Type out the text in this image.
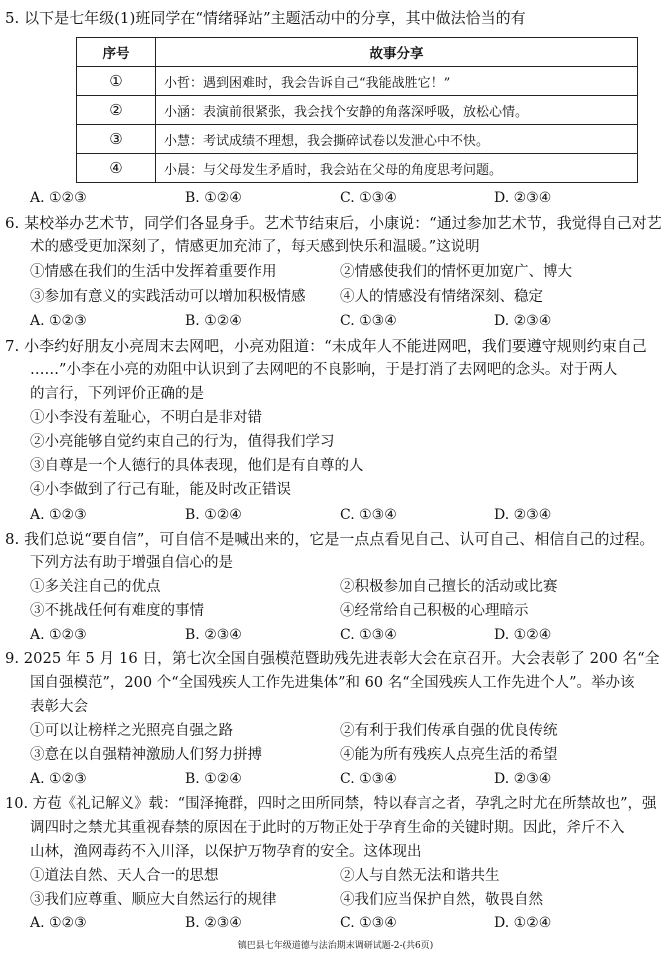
5. 以下是七年级(1)班同学在“情绪驿站”主题活动中的分享，其中做法恰当的有
序号	故事分享
①	小哲：遇到困难时，我会告诉自己“我能战胜它！”
②	小涵：表演前很紧张，我会找个安静的角落深呼吸，放松心情。
③	小慧：考试成绩不理想，我会撕碎试卷以发泄心中不快。
④	小晨：与父母发生矛盾时，我会站在父母的角度思考问题。
A. ①②③	B. ①②④	C. ①③④	D. ②③④
6. 某校举办艺术节，同学们各显身手。艺术节结束后，小康说：“通过参加艺术节，我觉得自己对艺
术的感受更加深刻了，情感更加充沛了，每天感到快乐和温暖。”这说明
①情感在我们的生活中发挥着重要作用	②情感使我们的情怀更加宽广、博大
③参加有意义的实践活动可以增加积极情感 ④人的情感没有情绪深刻、稳定
A. ①②③	B. ①②④	C. ①③④	D. ②③④
7. 小李约好朋友小亮周末去网吧，小亮劝阻道：“未成年人不能进网吧，我们要遵守规则约束自己
……”小李在小亮的劝阻中认识到了去网吧的不良影响，于是打消了去网吧的念头。对于两人
的言行，下列评价正确的是
①小李没有羞耻心，不明白是非对错
②小亮能够自觉约束自己的行为，值得我们学习
③自尊是一个人德行的具体表现，他们是有自尊的人
④小李做到了行己有耻，能及时改正错误
A. ①②③	B. ①②④	C. ①③④	D. ②③④
8. 我们总说“要自信”，可自信不是喊出来的，它是一点点看见自己、认可自己、相信自己的过程。
下列方法有助于增强自信心的是
①多关注自己的优点	②积极参加自己擅长的活动或比赛
③不挑战任何有难度的事情	④经常给自己积极的心理暗示
A. ①②③	B. ②③④	C. ①③④	D. ①②④
9. 2025 年 5 月 16 日，第七次全国自强模范暨助残先进表彰大会在京召开。大会表彰了 200 名“全
国自强模范”，200 个“全国残疾人工作先进集体”和 60 名“全国残疾人工作先进个人”。举办该
表彰大会
①可以让榜样之光照亮自强之路	②有利于我们传承自强的优良传统
③意在以自强精神激励人们努力拼搏	④能为所有残疾人点亮生活的希望
A. ①②③	B. ①②④	C. ①③④	D. ②③④
10. 方苞《礼记解义》载：“围泽掩群，四时之田所同禁，特以春言之者，孕乳之时尤在所禁故也”，强
调四时之禁尤其重视春禁的原因在于此时的万物正处于孕育生命的关键时期。因此，斧斤不入
山林，渔网毒药不入川泽，以保护万物孕育的安全。这体现出
①道法自然、天人合一的思想	②人与自然无法和谐共生
③我们应尊重、顺应大自然运行的规律	④我们应当保护自然，敬畏自然
A. ①②③	B. ②③④	C. ①③④	D. ①②④
镇巴县七年级道德与法治期末调研试题-2-(共6页)
